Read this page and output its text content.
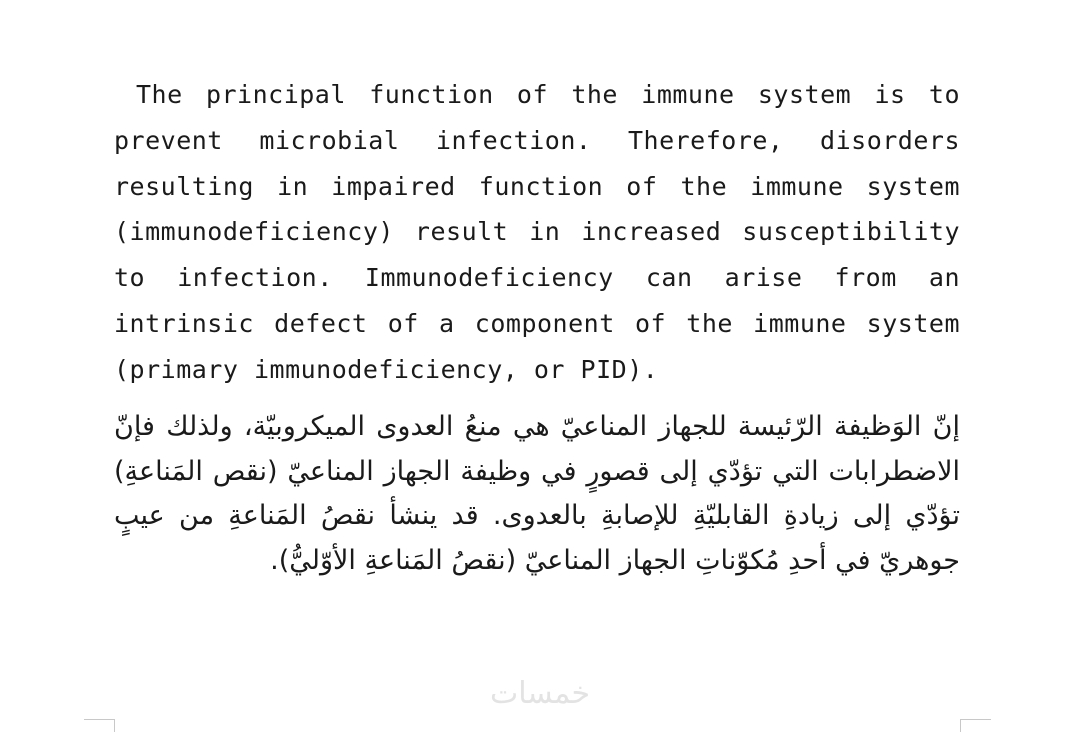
The principal function of the immune system is to prevent microbial infection. Therefore, disorders resulting in impaired function of the immune system (immunodeficiency) result in increased susceptibility to infection. Immunodeficiency can arise from an intrinsic defect of a component of the immune system (primary immunodeficiency, or PID).

إنّ الوَظيفة الرّئيسة للجهاز المناعيّ هي منعُ العدوى الميكروبيّة، ولذلك فإنّ الاضطرابات التي تؤدّي إلى قصورٍ في وظيفة الجهاز المناعيّ (نقص المَناعةِ) تؤدّي إلى زيادةِ القابليّةِ للإصابةِ بالعدوى. قد ينشأ نقصُ المَناعةِ من عيبٍ جوهريّ في أحدِ مُكوّناتِ الجهاز المناعيّ (نقصُ المَناعةِ الأوّليُّ).

خمسات
